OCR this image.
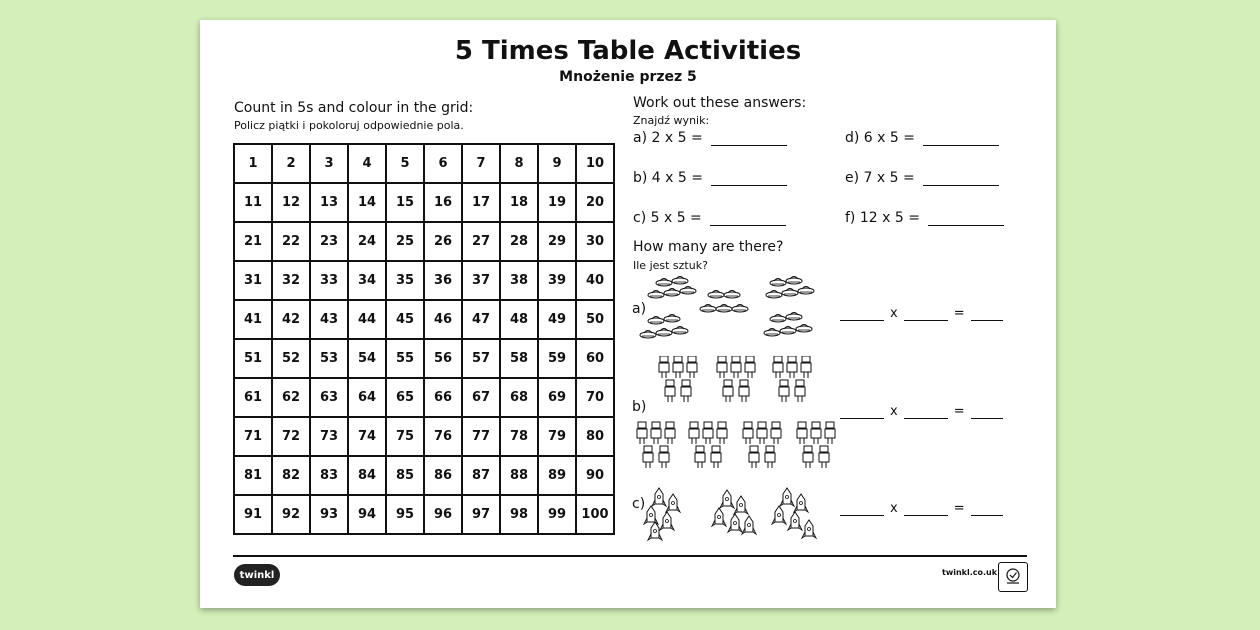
5 Times Table Activities
Mnożenie przez 5
Count in 5s and colour in the grid:
Policz piątki i pokoloruj odpowiednie pola.
1	2	3	4	5	6	7	8	9	10
11	12	13	14	15	16	17	18	19	20
21	22	23	24	25	26	27	28	29	30
31	32	33	34	35	36	37	38	39	40
41	42	43	44	45	46	47	48	49	50
51	52	53	54	55	56	57	58	59	60
61	62	63	64	65	66	67	68	69	70
71	72	73	74	75	76	77	78	79	80
81	82	83	84	85	86	87	88	89	90
91	92	93	94	95	96	97	98	99	100
Work out these answers:
Znajdź wynik:
a) 2 x 5 =
b) 4 x 5 =
c) 5 x 5 =
d) 6 x 5 =
e) 7 x 5 =
f) 12 x 5 =
How many are there?
Ile jest sztuk?
a)	x	=
b)	x	=
c)	x	=
twinkl	twinkl.co.uk
